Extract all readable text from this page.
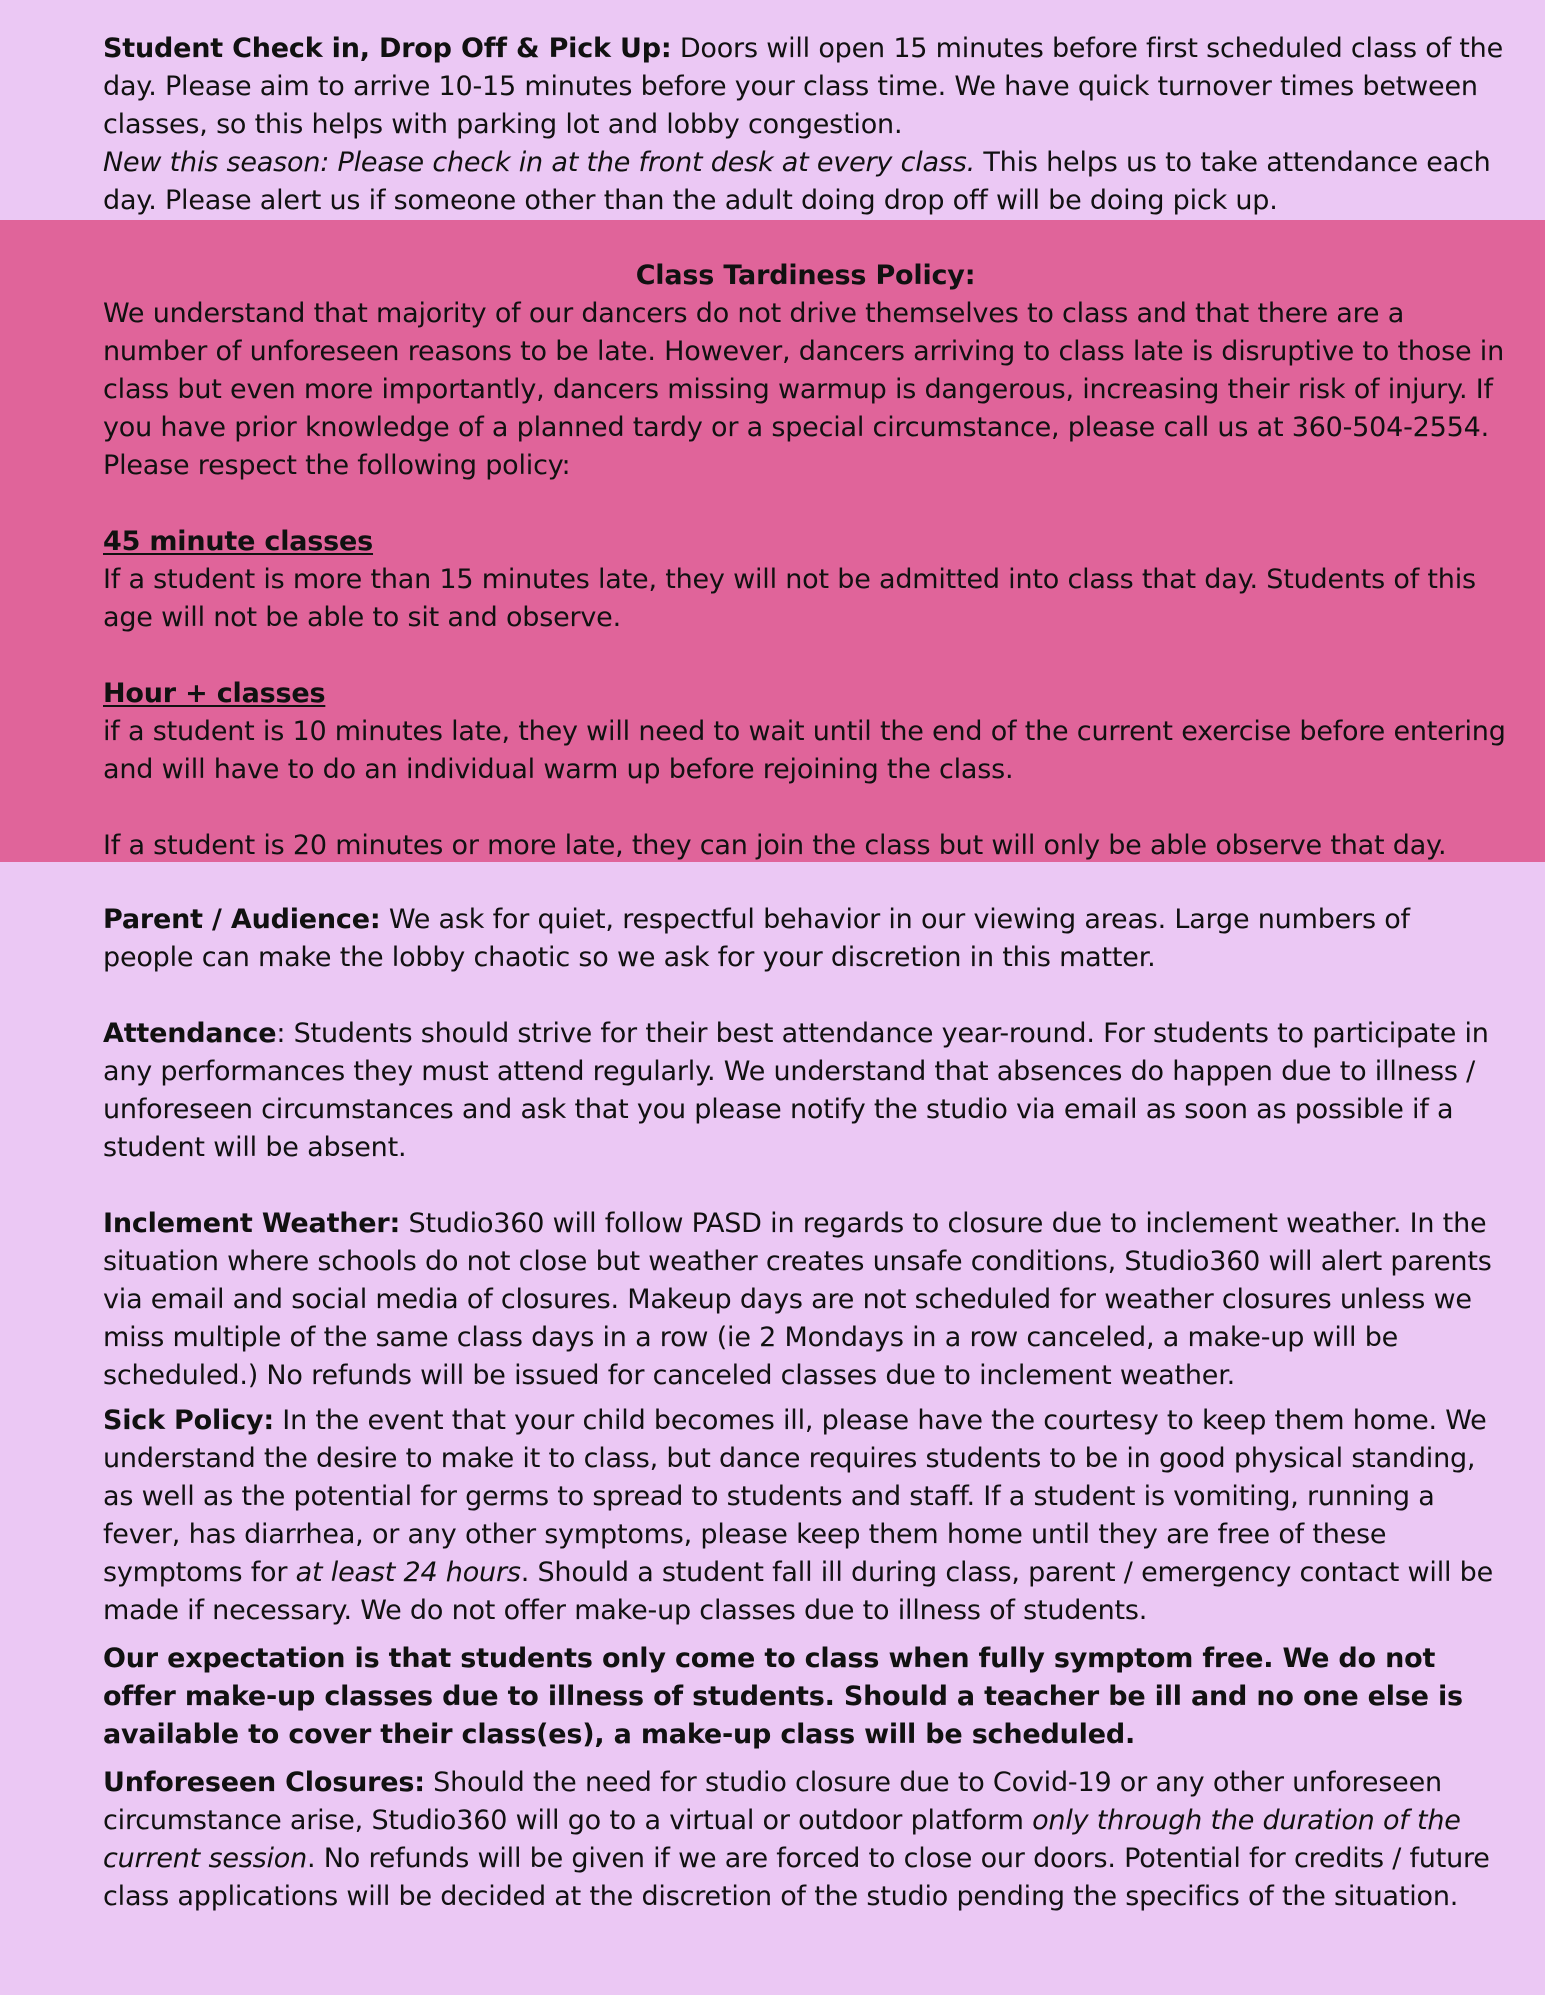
Student Check in, Drop Off & Pick Up: Doors will open 15 minutes before first scheduled class of the day. Please aim to arrive 10-15 minutes before your class time. We have quick turnover times between classes, so this helps with parking lot and lobby congestion.

New this season: Please check in at the front desk at every class. This helps us to take attendance each day. Please alert us if someone other than the adult doing drop off will be doing pick up.

Class Tardiness Policy:

We understand that majority of our dancers do not drive themselves to class and that there are a number of unforeseen reasons to be late. However, dancers arriving to class late is disruptive to those in class but even more importantly, dancers missing warmup is dangerous, increasing their risk of injury. If you have prior knowledge of a planned tardy or a special circumstance, please call us at 360-504-2554. Please respect the following policy:

45 minute classes

If a student is more than 15 minutes late, they will not be admitted into class that day. Students of this age will not be able to sit and observe.

Hour + classes

if a student is 10 minutes late, they will need to wait until the end of the current exercise before entering and will have to do an individual warm up before rejoining the class.

If a student is 20 minutes or more late, they can join the class but will only be able observe that day.

Parent / Audience: We ask for quiet, respectful behavior in our viewing areas. Large numbers of people can make the lobby chaotic so we ask for your discretion in this matter.

Attendance: Students should strive for their best attendance year-round. For students to participate in any performances they must attend regularly. We understand that absences do happen due to illness / unforeseen circumstances and ask that you please notify the studio via email as soon as possible if a student will be absent.

Inclement Weather: Studio360 will follow PASD in regards to closure due to inclement weather. In the situation where schools do not close but weather creates unsafe conditions, Studio360 will alert parents via email and social media of closures. Makeup days are not scheduled for weather closures unless we miss multiple of the same class days in a row (ie 2 Mondays in a row canceled, a make-up will be scheduled.) No refunds will be issued for canceled classes due to inclement weather.

Sick Policy: In the event that your child becomes ill, please have the courtesy to keep them home. We understand the desire to make it to class, but dance requires students to be in good physical standing, as well as the potential for germs to spread to students and staff. If a student is vomiting, running a fever, has diarrhea, or any other symptoms, please keep them home until they are free of these symptoms for at least 24 hours. Should a student fall ill during class, parent / emergency contact will be made if necessary. We do not offer make-up classes due to illness of students.

Our expectation is that students only come to class when fully symptom free. We do not offer make-up classes due to illness of students. Should a teacher be ill and no one else is available to cover their class(es), a make-up class will be scheduled.

Unforeseen Closures: Should the need for studio closure due to Covid-19 or any other unforeseen circumstance arise, Studio360 will go to a virtual or outdoor platform only through the duration of the current session. No refunds will be given if we are forced to close our doors. Potential for credits / future class applications will be decided at the discretion of the studio pending the specifics of the situation.
